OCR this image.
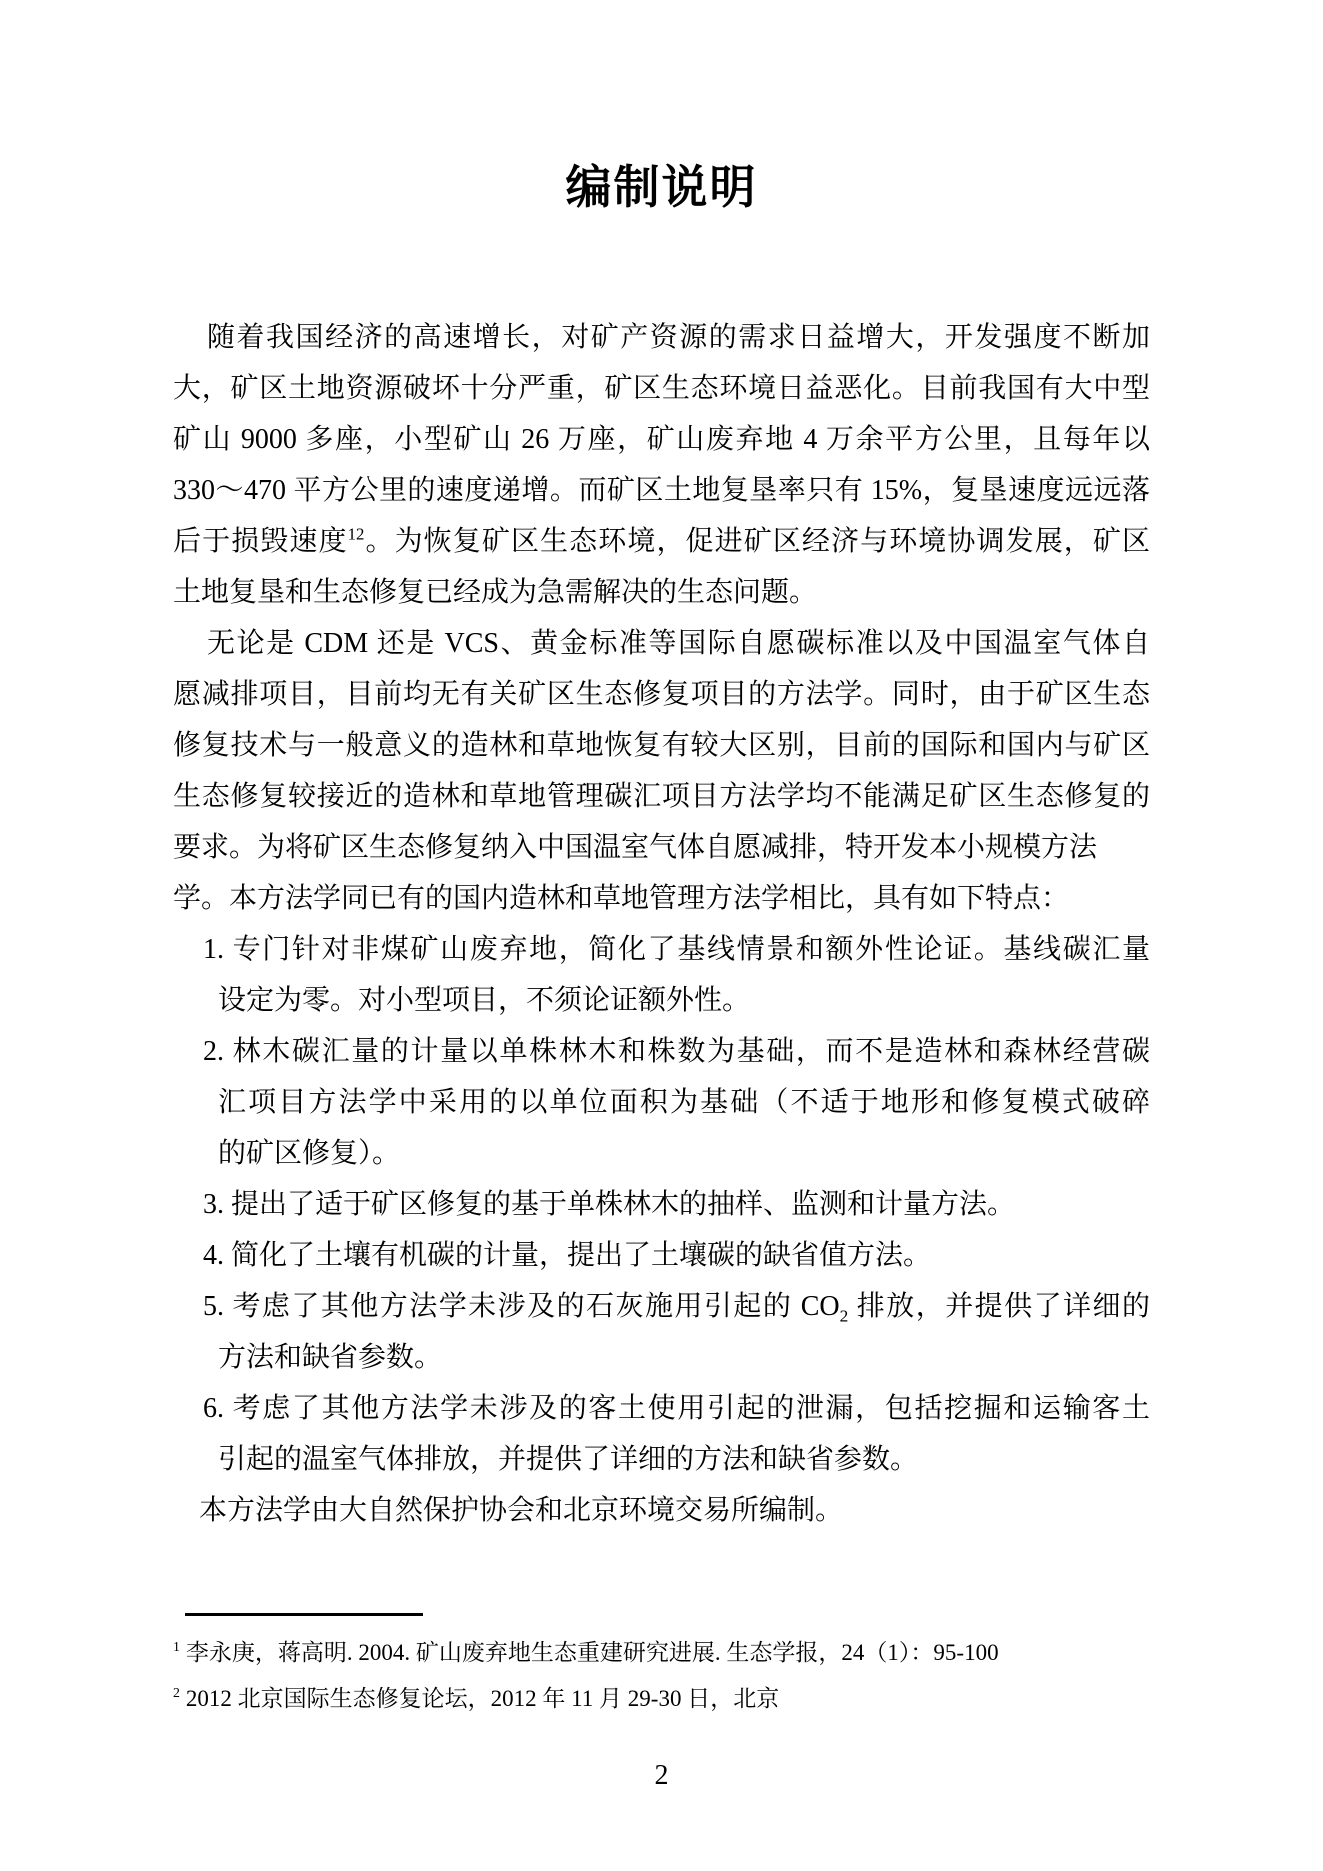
编制说明
随着我国经济的高速增长，对矿产资源的需求日益增大，开发强度不断加
大，矿区土地资源破坏十分严重，矿区生态环境日益恶化。目前我国有大中型
矿山 9000 多座，小型矿山 26 万座，矿山废弃地 4 万余平方公里，且每年以
330～470 平方公里的速度递增。而矿区土地复垦率只有 15%，复垦速度远远落
后于损毁速度$^{12}$。为恢复矿区生态环境，促进矿区经济与环境协调发展，矿区
土地复垦和生态修复已经成为急需解决的生态问题。
无论是 CDM 还是 VCS、黄金标准等国际自愿碳标准以及中国温室气体自
愿减排项目，目前均无有关矿区生态修复项目的方法学。同时，由于矿区生态
修复技术与一般意义的造林和草地恢复有较大区别，目前的国际和国内与矿区
生态修复较接近的造林和草地管理碳汇项目方法学均不能满足矿区生态修复的
要求。为将矿区生态修复纳入中国温室气体自愿减排，特开发本小规模方法
学。本方法学同已有的国内造林和草地管理方法学相比，具有如下特点：
1. 专门针对非煤矿山废弃地，简化了基线情景和额外性论证。基线碳汇量
设定为零。对小型项目，不须论证额外性。
2. 林木碳汇量的计量以单株林木和株数为基础，而不是造林和森林经营碳
汇项目方法学中采用的以单位面积为基础（不适于地形和修复模式破碎
的矿区修复）。
3. 提出了适于矿区修复的基于单株林木的抽样、监测和计量方法。
4. 简化了土壤有机碳的计量，提出了土壤碳的缺省值方法。
5. 考虑了其他方法学未涉及的石灰施用引起的 $CO_2$ 排放，并提供了详细的
方法和缺省参数。
6. 考虑了其他方法学未涉及的客土使用引起的泄漏，包括挖掘和运输客土
引起的温室气体排放，并提供了详细的方法和缺省参数。
本方法学由大自然保护协会和北京环境交易所编制。
$^1$ 李永庚，蒋高明. 2004. 矿山废弃地生态重建研究进展. 生态学报，24（1）：95-100
$^2$ 2012 北京国际生态修复论坛，2012 年 11 月 29-30 日，北京
2
